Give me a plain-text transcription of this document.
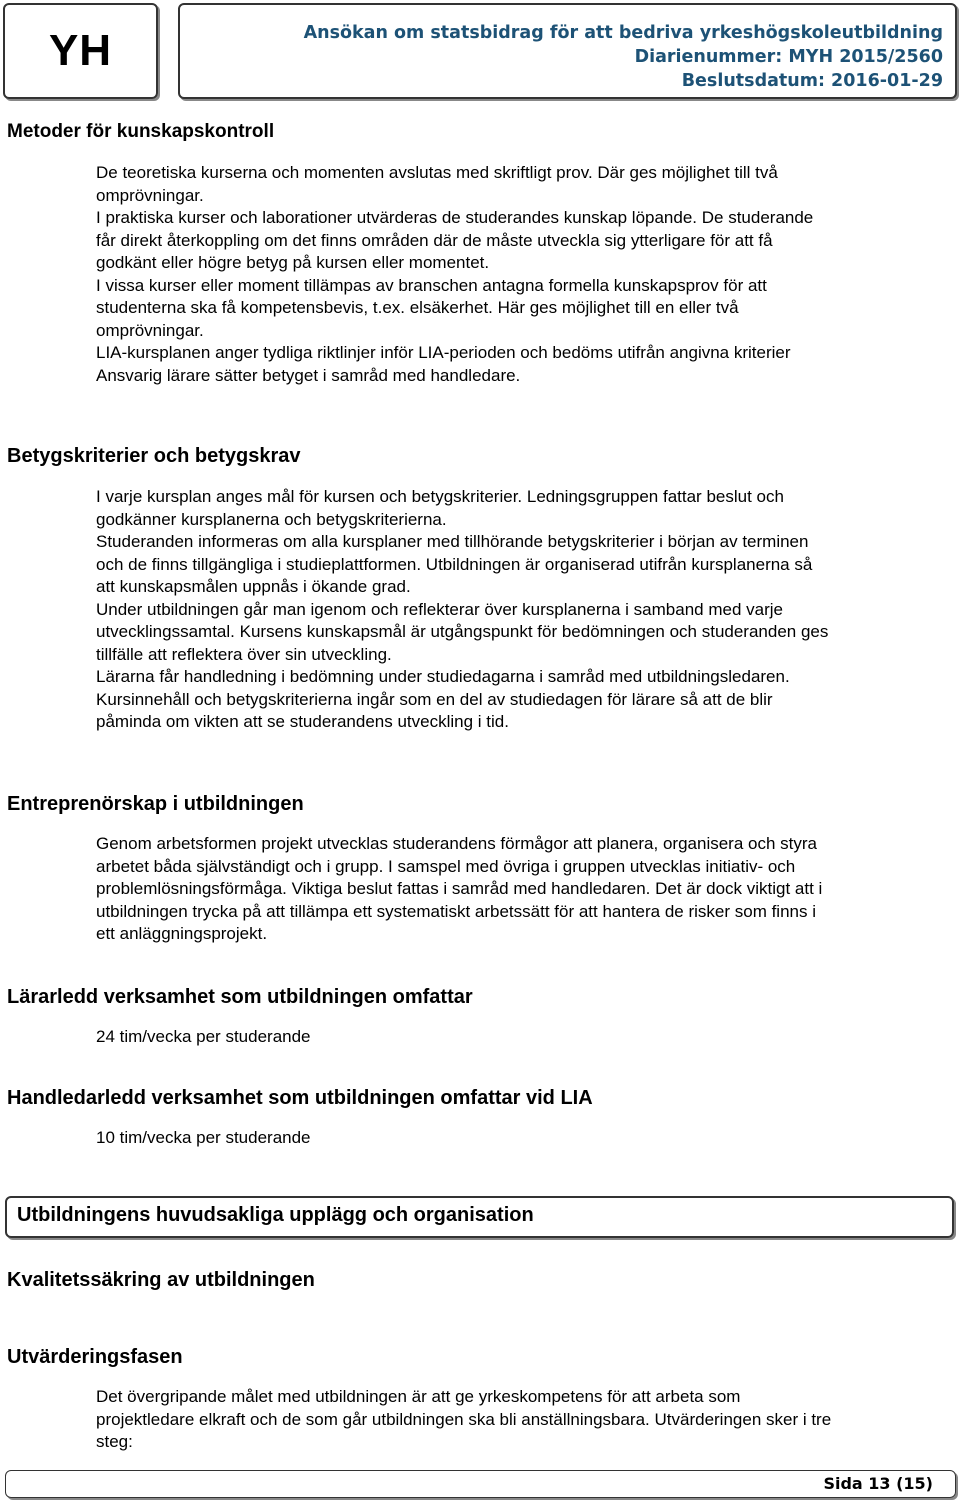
YH	Ansökan om statsbidrag för att bedriva yrkeshögskoleutbildning
Diarienummer: MYH 2015/2560
Beslutsdatum: 2016-01-29
Metoder för kunskapskontroll
De teoretiska kurserna och momenten avslutas med skriftligt prov. Där ges möjlighet till två
omprövningar.
I praktiska kurser och laborationer utvärderas de studerandes kunskap löpande. De studerande
får direkt återkoppling om det finns områden där de måste utveckla sig ytterligare för att få
godkänt eller högre betyg på kursen eller momentet.
I vissa kurser eller moment tillämpas av branschen antagna formella kunskapsprov för att
studenterna ska få kompetensbevis, t.ex. elsäkerhet. Här ges möjlighet till en eller två
omprövningar.
LIA-kursplanen anger tydliga riktlinjer inför LIA-perioden och bedöms utifrån angivna kriterier
Ansvarig lärare sätter betyget i samråd med handledare.
Betygskriterier och betygskrav
I varje kursplan anges mål för kursen och betygskriterier. Ledningsgruppen fattar beslut och
godkänner kursplanerna och betygskriterierna.
Studeranden informeras om alla kursplaner med tillhörande betygskriterier i början av terminen
och de finns tillgängliga i studieplattformen. Utbildningen är organiserad utifrån kursplanerna så
att kunskapsmålen uppnås i ökande grad.
Under utbildningen går man igenom och reflekterar över kursplanerna i samband med varje
utvecklingssamtal. Kursens kunskapsmål är utgångspunkt för bedömningen och studeranden ges
tillfälle att reflektera över sin utveckling.
Lärarna får handledning i bedömning under studiedagarna i samråd med utbildningsledaren.
Kursinnehåll och betygskriterierna ingår som en del av studiedagen för lärare så att de blir
påminda om vikten att se studerandens utveckling i tid.
Entreprenörskap i utbildningen
Genom arbetsformen projekt utvecklas studerandens förmågor att planera, organisera och styra
arbetet båda självständigt och i grupp. I samspel med övriga i gruppen utvecklas initiativ- och
problemlösningsförmåga. Viktiga beslut fattas i samråd med handledaren. Det är dock viktigt att i
utbildningen trycka på att tillämpa ett systematiskt arbetssätt för att hantera de risker som finns i
ett anläggningsprojekt.
Lärarledd verksamhet som utbildningen omfattar
24 tim/vecka per studerande
Handledarledd verksamhet som utbildningen omfattar vid LIA
10 tim/vecka per studerande
Utbildningens huvudsakliga upplägg och organisation
Kvalitetssäkring av utbildningen
Utvärderingsfasen
Det övergripande målet med utbildningen är att ge yrkeskompetens för att arbeta som
projektledare elkraft och de som går utbildningen ska bli anställningsbara. Utvärderingen sker i tre
steg:
Sida 13 (15)
